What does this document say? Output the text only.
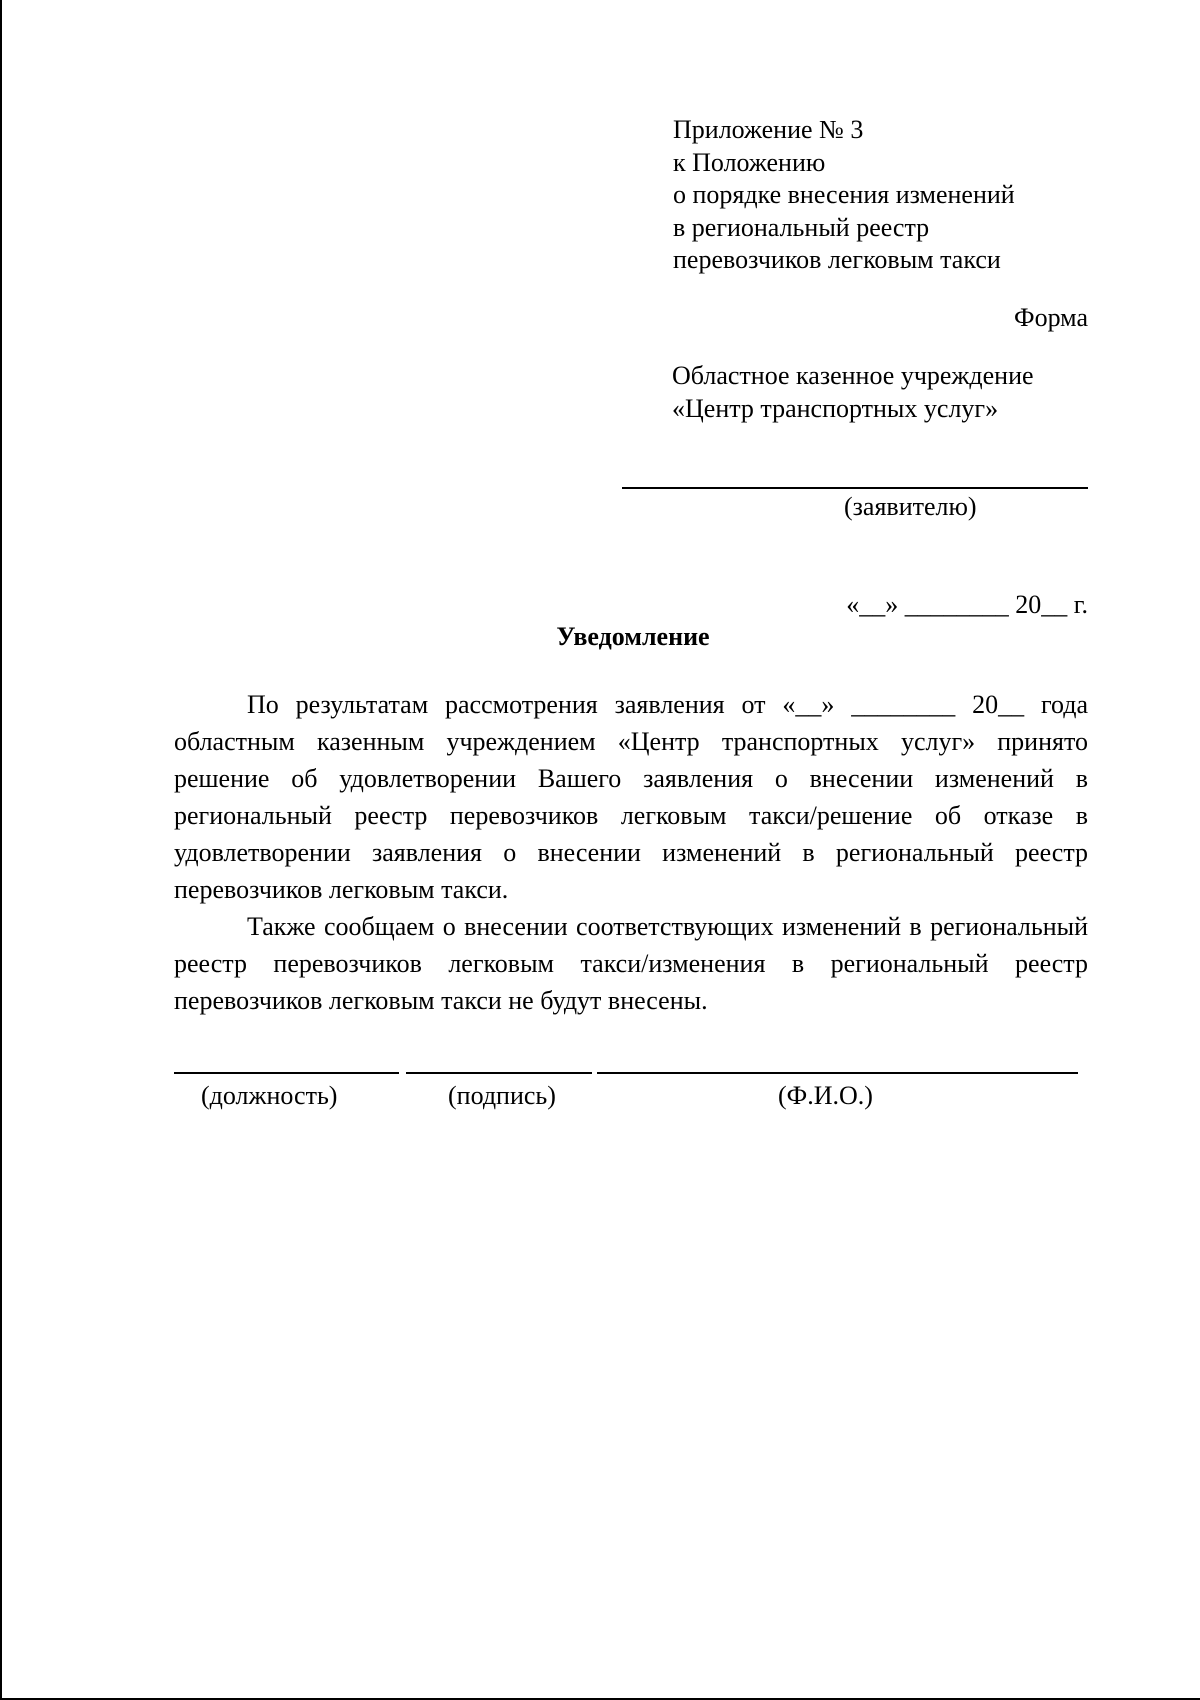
Приложение № 3
к Положению
о порядке внесения изменений
в региональный реестр
перевозчиков легковым такси
Форма
Областное казенное учреждение
«Центр транспортных услуг»
(заявителю)
«__» ________ 20__ г.
Уведомление

По результатам рассмотрения заявления от «__» ________ 20__ года областным казенным учреждением «Центр транспортных услуг» принято решение об удовлетворении Вашего заявления о внесении изменений в региональный реестр перевозчиков легковым такси/решение об отказе в удовлетворении заявления о внесении изменений в региональный реестр перевозчиков легковым такси.

Также сообщаем о внесении соответствующих изменений в региональный реестр перевозчиков легковым такси/изменения в региональный реестр перевозчиков легковым такси не будут внесены.

(должность)	(подпись)	(Ф.И.О.)
